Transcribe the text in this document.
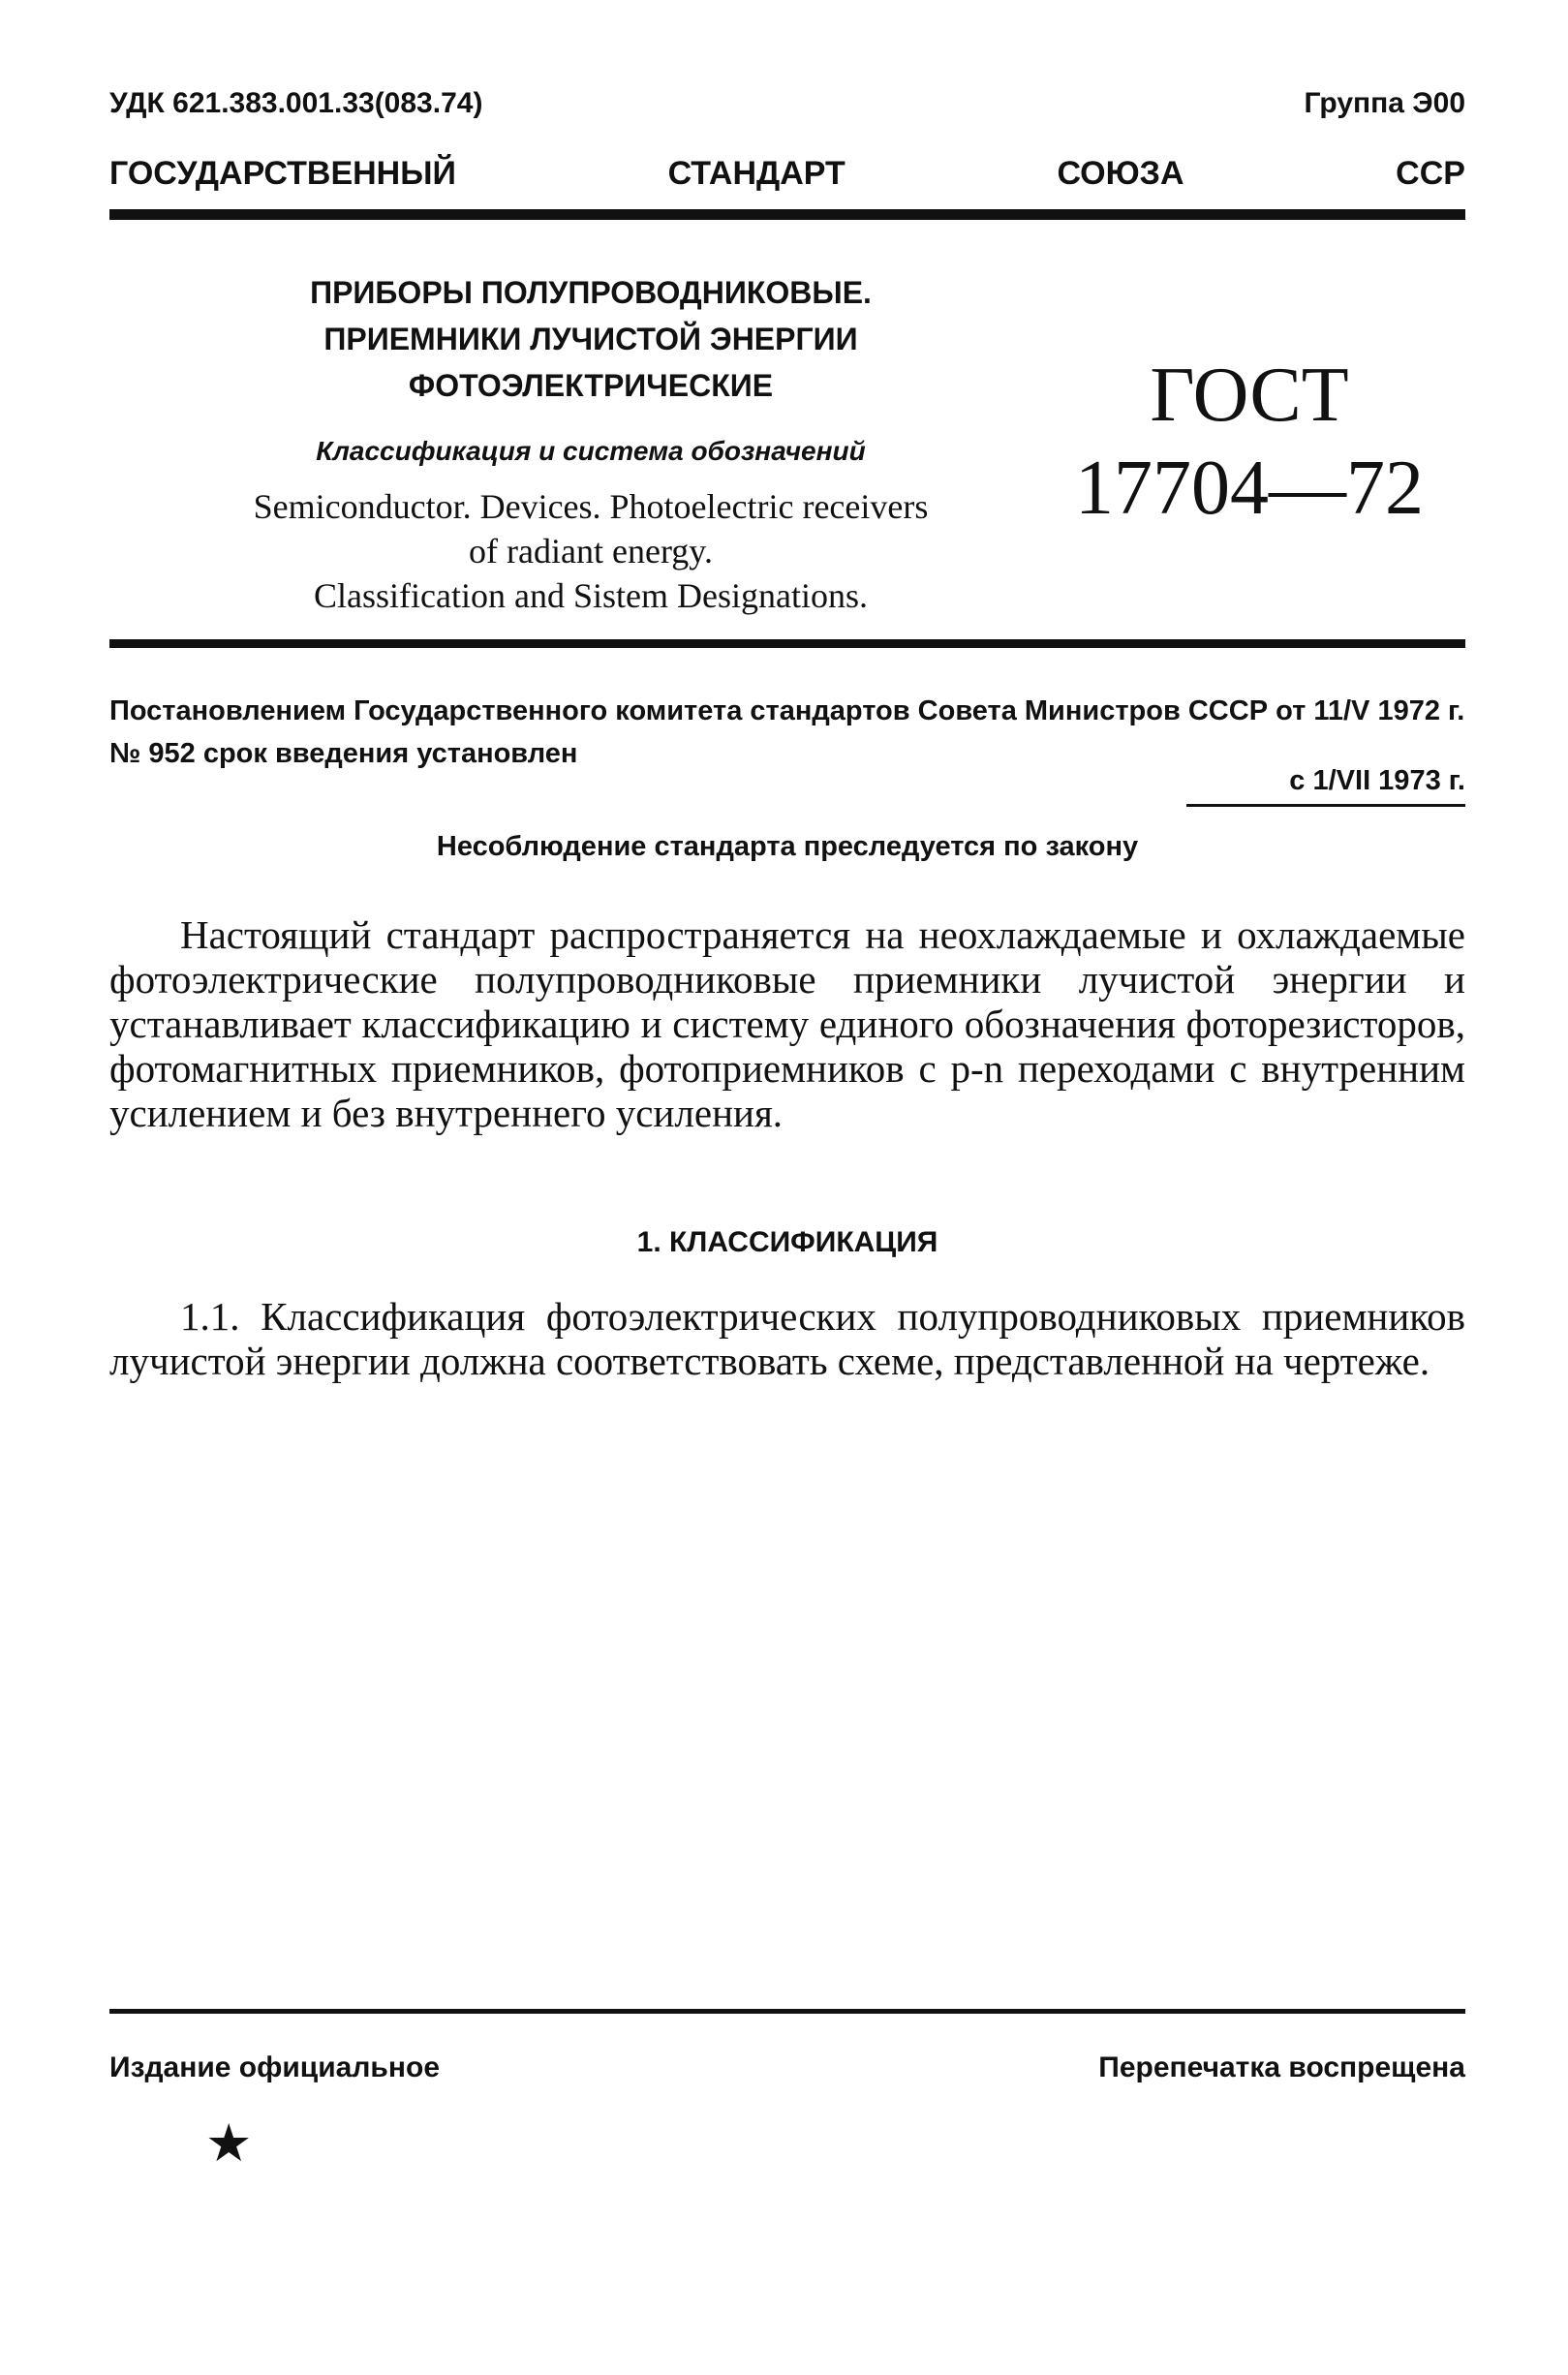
УДК 621.383.001.33(083.74)	Группа Э00
ГОСУДАРСТВЕННЫЙ	СТАНДАРТ	СОЮЗА	ССР
ПРИБОРЫ ПОЛУПРОВОДНИКОВЫЕ.
ПРИЕМНИКИ ЛУЧИСТОЙ ЭНЕРГИИ
ФОТОЭЛЕКТРИЧЕСКИЕ
Классификация и система обозначений
Semiconductor. Devices. Photoelectric receivers
of radiant energy.
Classification and Sistem Designations.
ГОСТ
17704—72
Постановлением Государственного комитета стандартов Совета Министров СССР от 11/V 1972 г. № 952 срок введения установлен
с 1/VII 1973 г.
Несоблюдение стандарта преследуется по закону
Настоящий стандарт распространяется на неохлаждаемые и охлаждаемые фотоэлектрические полупроводниковые приемники лучистой энергии и устанавливает классификацию и систему единого обозначения фоторезисторов, фотомагнитных приемников, фотоприемников с p-n переходами с внутренним усилением и без внутреннего усиления.
1. КЛАССИФИКАЦИЯ
1.1. Классификация фотоэлектрических полупроводниковых приемников лучистой энергии должна соответствовать схеме, представленной на чертеже.
Издание официальное	Перепечатка воспрещена
★
